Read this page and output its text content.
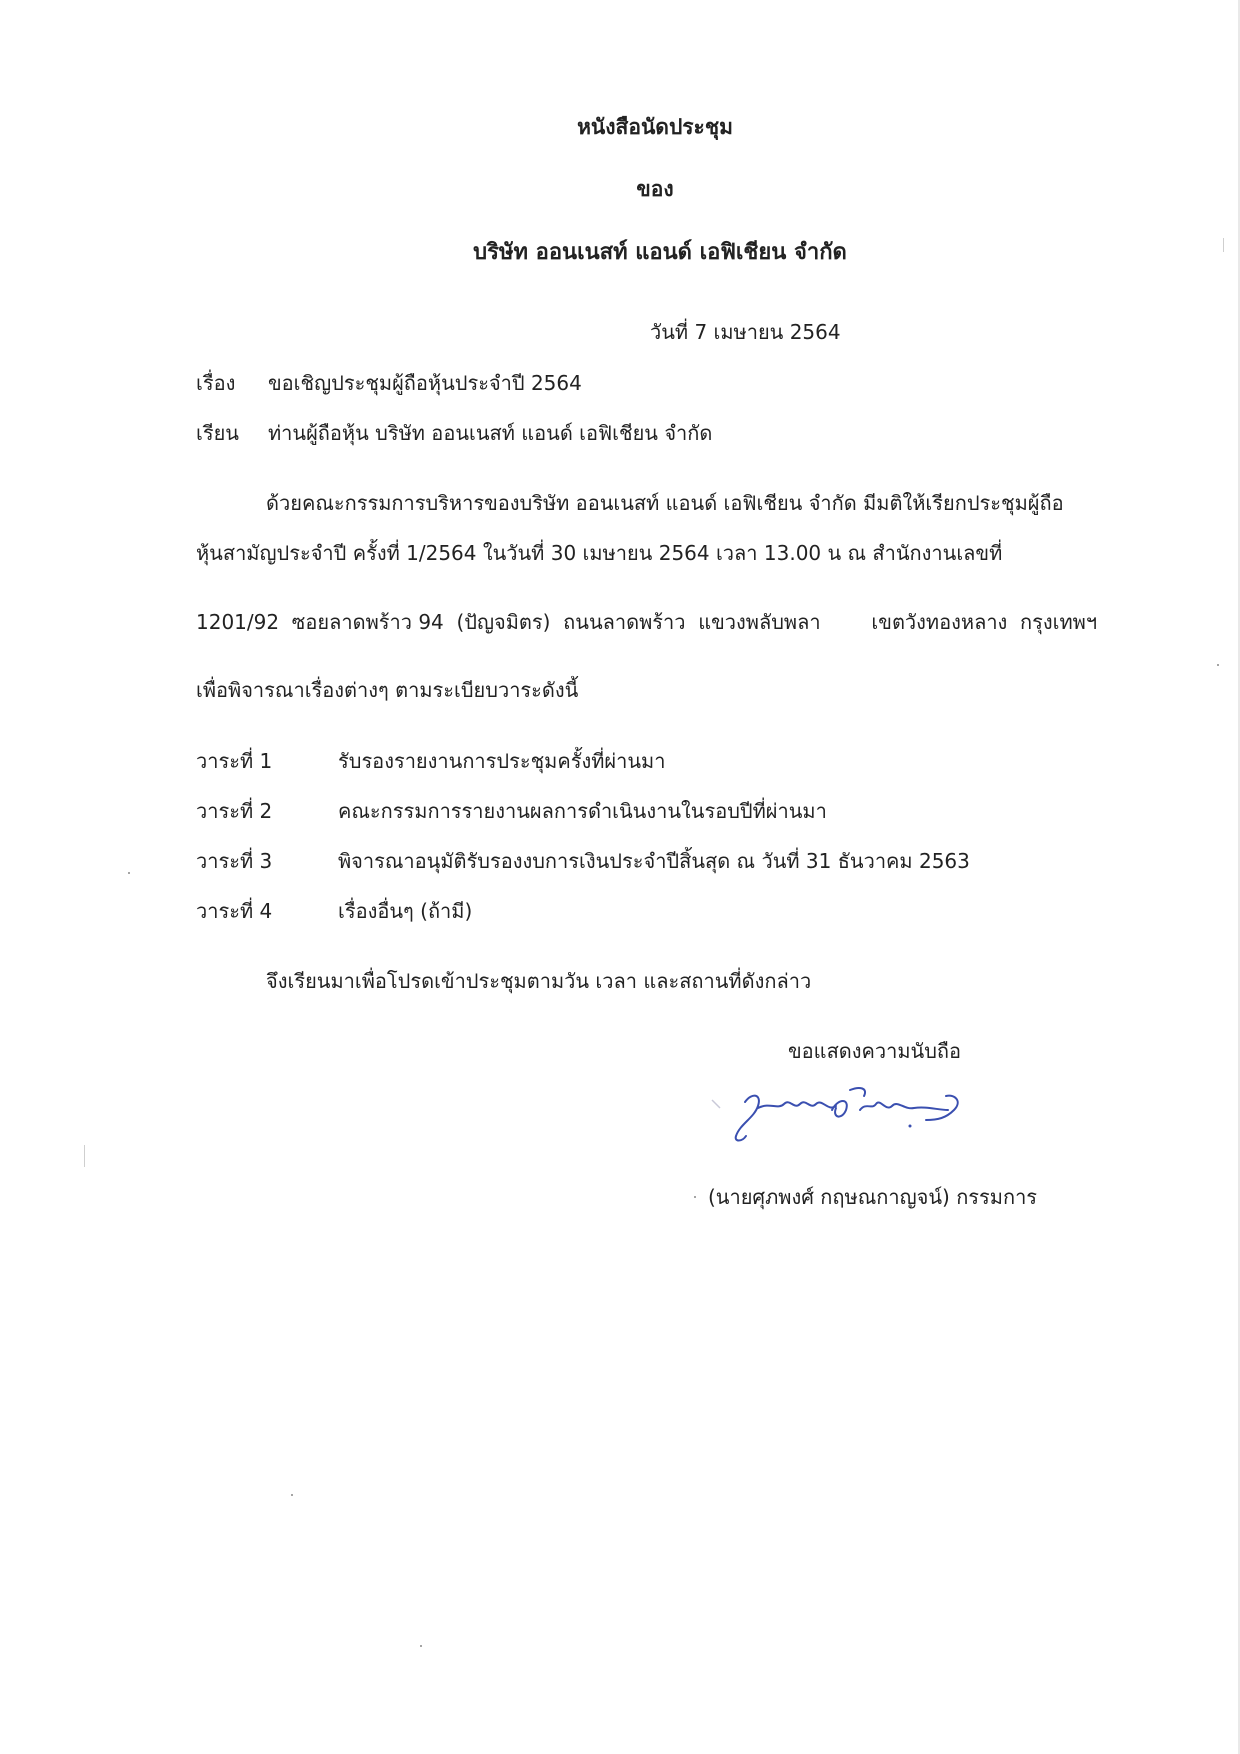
หนังสือนัดประชุม
ของ
บริษัท ออนเนสท์ แอนด์ เอฟิเชียน จำกัด
วันที่ 7 เมษายน 2564
เรื่อง ขอเชิญประชุมผู้ถือหุ้นประจำปี 2564
เรียน ท่านผู้ถือหุ้น บริษัท ออนเนสท์ แอนด์ เอฟิเชียน จำกัด
ด้วยคณะกรรมการบริหารของบริษัท ออนเนสท์ แอนด์ เอฟิเชียน จำกัด มีมติให้เรียกประชุมผู้ถือ
หุ้นสามัญประจำปี ครั้งที่ 1/2564 ในวันที่ 30 เมษายน 2564 เวลา 13.00 น ณ สำนักงานเลขที่
1201/92  ซอยลาดพร้าว 94  (ปัญจมิตร)  ถนนลาดพร้าว  แขวงพลับพลา        เขตวังทองหลาง  กรุงเทพฯ
เพื่อพิจารณาเรื่องต่างๆ ตามระเบียบวาระดังนี้
วาระที่ 1	รับรองรายงานการประชุมครั้งที่ผ่านมา
วาระที่ 2	คณะกรรมการรายงานผลการดำเนินงานในรอบปีที่ผ่านมา
วาระที่ 3	พิจารณาอนุมัติรับรองงบการเงินประจำปีสิ้นสุด ณ วันที่ 31 ธันวาคม 2563
วาระที่ 4	เรื่องอื่นๆ (ถ้ามี)
จึงเรียนมาเพื่อโปรดเข้าประชุมตามวัน เวลา และสถานที่ดังกล่าว
ขอแสดงความนับถือ
(นายศุภพงศ์ กฤษณกาญจน์) กรรมการ
